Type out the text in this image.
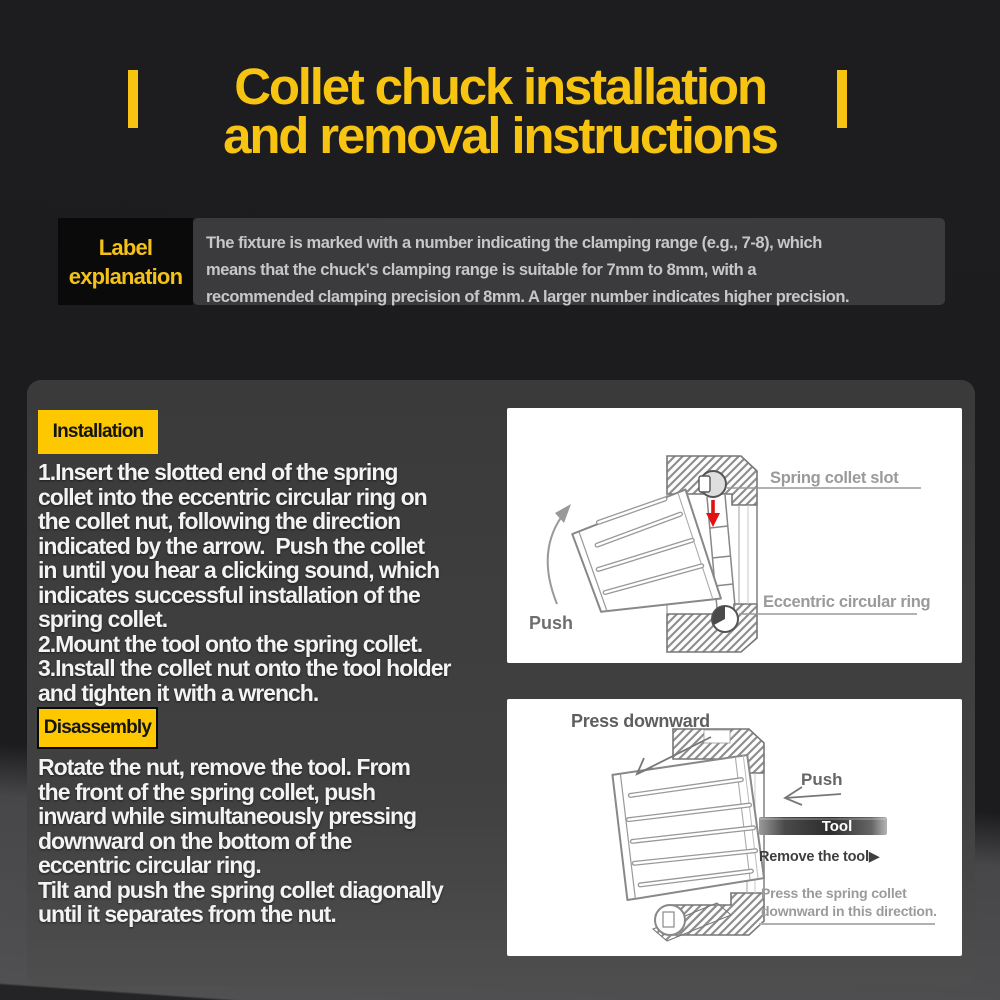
Collet chuck installation
and removal instructions
Label
explanation
The fixture is marked with a number indicating the clamping range (e.g., 7-8), which
means that the chuck's clamping range is suitable for 7mm to 8mm, with a
recommended clamping precision of 8mm. A larger number indicates higher precision.
Installation
1.Insert the slotted end of the spring
collet into the eccentric circular ring on
the collet nut, following the direction
indicated by the arrow.  Push the collet
in until you hear a clicking sound, which
indicates successful installation of the
spring collet.
2.Mount the tool onto the spring collet.
3.Install the collet nut onto the tool holder
and tighten it with a wrench.
Spring collet slot
Eccentric circular ring
Push
Disassembly
Rotate the nut, remove the tool. From
the front of the spring collet, push
inward while simultaneously pressing
downward on the bottom of the
eccentric circular ring.
Tilt and push the spring collet diagonally
until it separates from the nut.
Press downward
Push
Tool
Remove the tool▶
Press the spring collet
downward in this direction.
